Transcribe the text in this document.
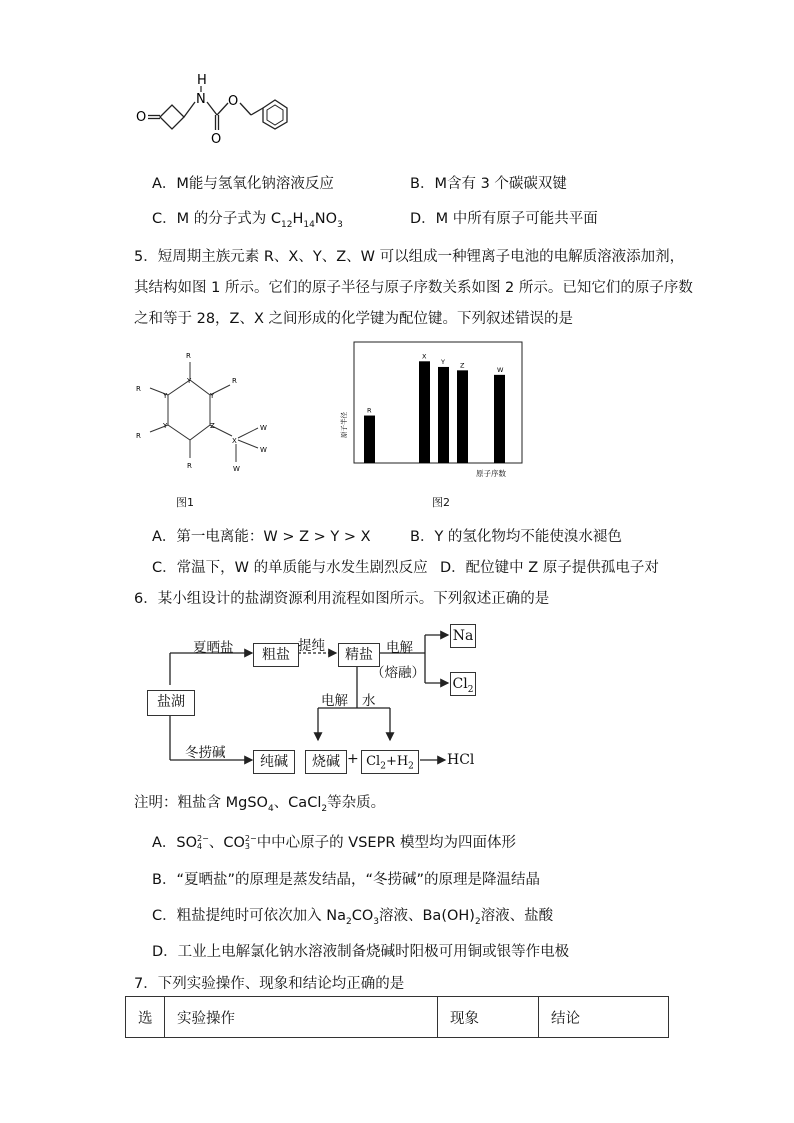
H
N
O
O
O
A．M能与氢氧化钠溶液反应	B．M含有 3 个碳碳双键
C．M 的分子式为 $C_{12}H_{14}NO_3$	D．M 中所有原子可能共平面
5．短周期主族元素 R、X、Y、Z、W 可以组成一种锂离子电池的电解质溶液添加剂，
其结构如图 1 所示。它们的原子半径与原子序数关系如图 2 所示。已知它们的原子序数
之和等于 28，Z、X 之间形成的化学键为配位键。下列叙述错误的是
R
Y	R
Y
R
Y
R
Y	Z
R
X
W
W
W
图1
R
X
Y Z
W
原子半径
原子序数
图2
A．第一电离能：W > Z > Y > X	B．Y 的氢化物均不能使溴水褪色
C．常温下，W 的单质能与水发生剧烈反应 D．配位键中 Z 原子提供孤电子对
6．某小组设计的盐湖资源利用流程如图所示。下列叙述正确的是
盐湖
粗盐	精盐
Na
$Cl_2$
纯碱	烧碱 + $Cl_2+H_2$	HCl
夏晒盐	提纯	电解
（熔融）
电解 水
冬捞碱
注明：粗盐含 MgSO$_4$、CaCl$_2$等杂质。
A．SO 2−
4 、CO 2−
3 中中心原子的 VSEPR 模型均为四面体形
B．“夏晒盐”的原理是蒸发结晶，“冬捞碱”的原理是降温结晶
C．粗盐提纯时可依次加入 $Na_2CO_3$溶液、$Ba(OH)_2$溶液、盐酸
D．工业上电解氯化钠水溶液制备烧碱时阳极可用铜或银等作电极
7．下列实验操作、现象和结论均正确的是
选	实验操作	现象	结论
